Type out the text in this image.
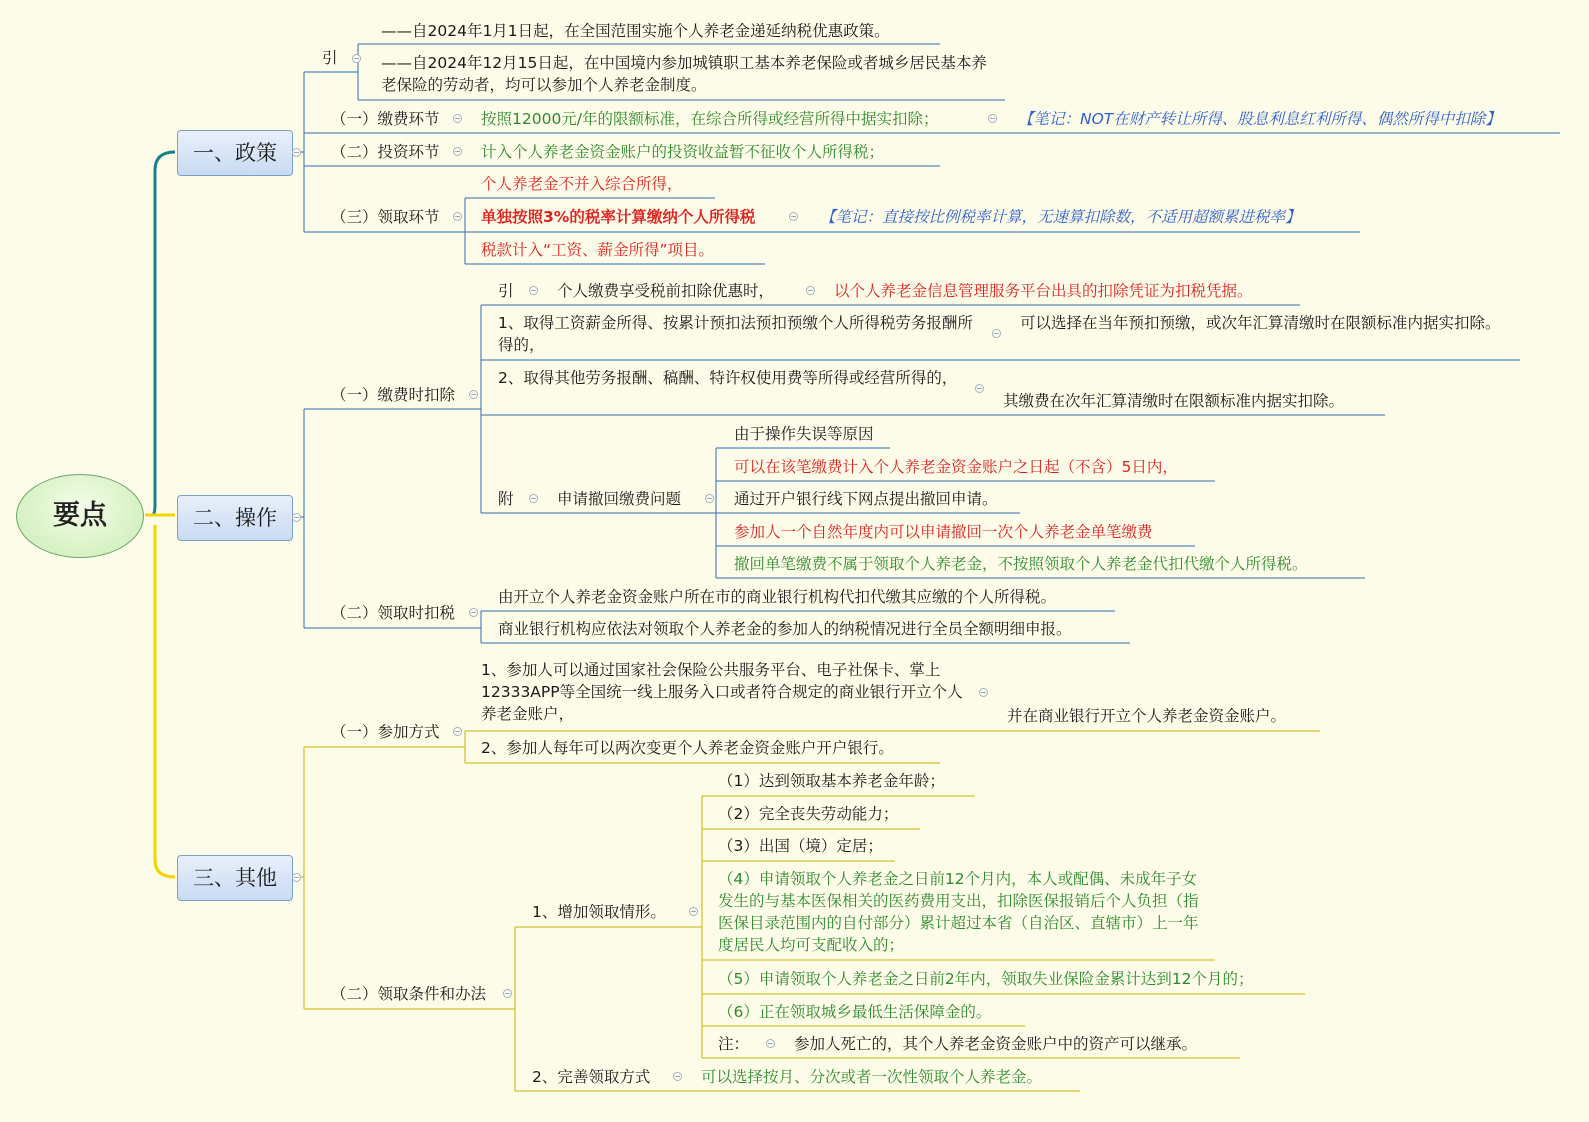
要点
一、政策
引
——自2024年1月1日起，在全国范围实施个人养老金递延纳税优惠政策。
——自2024年12月15日起，在中国境内参加城镇职工基本养老保险或者城乡居民基本养老保险的劳动者，均可以参加个人养老金制度。
（一）缴费环节	按照12000元/年的限额标准，在综合所得或经营所得中据实扣除；	【笔记：NOT在财产转让所得、股息利息红利所得、偶然所得中扣除】
（二）投资环节	计入个人养老金资金账户的投资收益暂不征收个人所得税；
（三）领取环节
个人养老金不并入综合所得，
单独按照3%的税率计算缴纳个人所得税	【笔记：直接按比例税率计算，无速算扣除数，不适用超额累进税率】
税款计入“工资、薪金所得”项目。
二、操作
（一）缴费时扣除
引	个人缴费享受税前扣除优惠时，	以个人养老金信息管理服务平台出具的扣除凭证为扣税凭据。
1、取得工资薪金所得、按累计预扣法预扣预缴个人所得税劳务报酬所得的，
可以选择在当年预扣预缴，或次年汇算清缴时在限额标准内据实扣除。
2、取得其他劳务报酬、稿酬、特许权使用费等所得或经营所得的，
其缴费在次年汇算清缴时在限额标准内据实扣除。
附	申请撤回缴费问题
由于操作失误等原因
可以在该笔缴费计入个人养老金资金账户之日起（不含）5日内，
通过开户银行线下网点提出撤回申请。
参加人一个自然年度内可以申请撤回一次个人养老金单笔缴费
撤回单笔缴费不属于领取个人养老金，不按照领取个人养老金代扣代缴个人所得税。
（二）领取时扣税
由开立个人养老金资金账户所在市的商业银行机构代扣代缴其应缴的个人所得税。
商业银行机构应依法对领取个人养老金的参加人的纳税情况进行全员全额明细申报。
三、其他
（一）参加方式
1、参加人可以通过国家社会保险公共服务平台、电子社保卡、掌上12333APP等全国统一线上服务入口或者符合规定的商业银行开立个人养老金账户，	并在商业银行开立个人养老金资金账户。
2、参加人每年可以两次变更个人养老金资金账户开户银行。
（二）领取条件和办法
1、增加领取情形。
（1）达到领取基本养老金年龄；
（2）完全丧失劳动能力；
（3）出国（境）定居；
（4）申请领取个人养老金之日前12个月内，本人或配偶、未成年子女发生的与基本医保相关的医药费用支出，扣除医保报销后个人负担（指医保目录范围内的自付部分）累计超过本省（自治区、直辖市）上一年度居民人均可支配收入的；
（5）申请领取个人养老金之日前2年内，领取失业保险金累计达到12个月的；
（6）正在领取城乡最低生活保障金的。
注：	参加人死亡的，其个人养老金资金账户中的资产可以继承。
2、完善领取方式	可以选择按月、分次或者一次性领取个人养老金。
